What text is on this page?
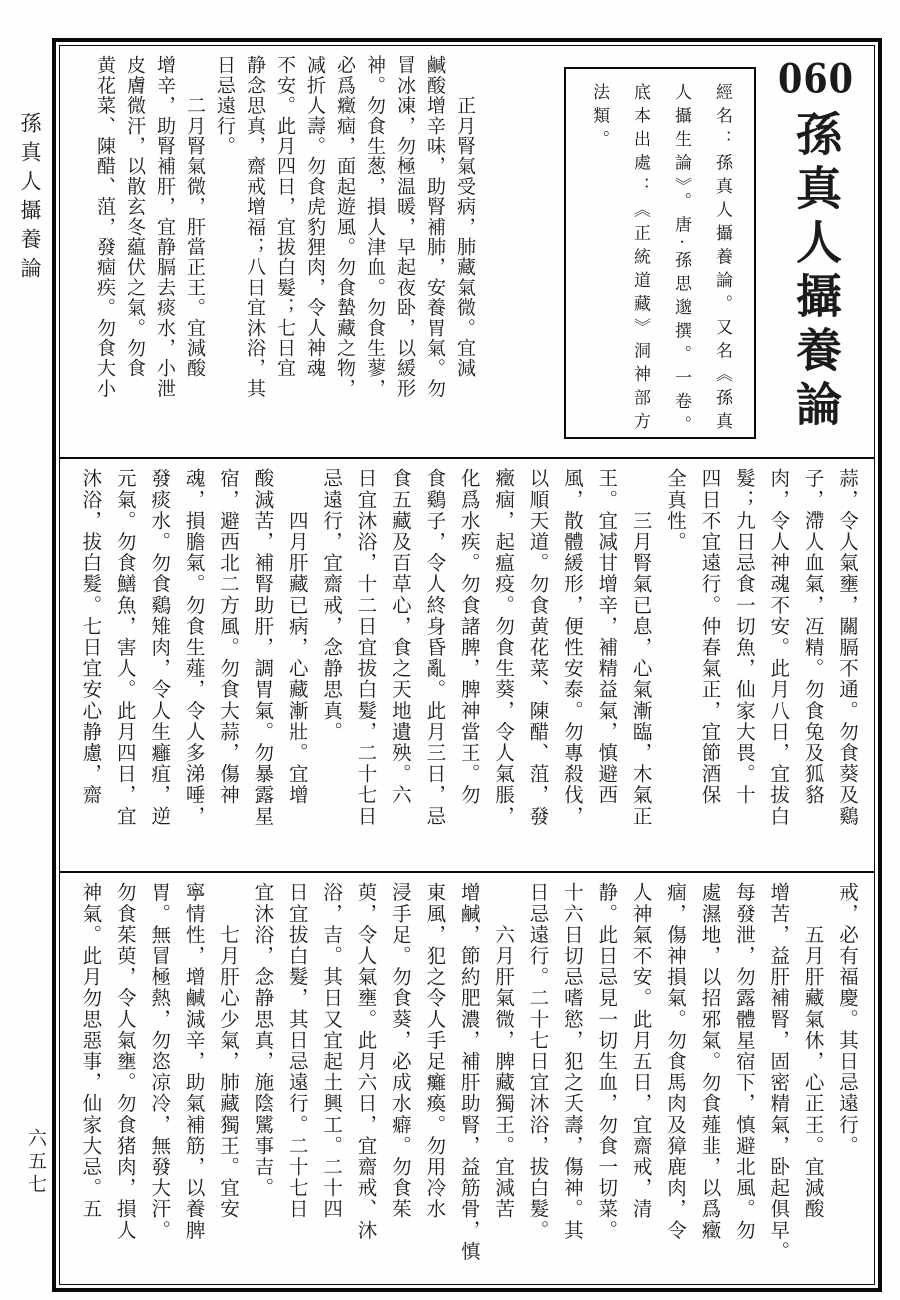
孫真人攝養論
六五七
060
孫真人攝養論
經名：孫真人攝養論。又名《孫真
人攝生論》。唐·孫思邈撰。一卷。
底本出處：《正統道藏》洞神部方
法類。
　　正月腎氣受病，肺藏氣微。宜減
鹹酸增辛味，助腎補肺，安養胃氣。勿
冒冰凍，勿極温暖，早起夜卧，以緩形
神。勿食生葱，損人津血。勿食生蓼，
必爲癥痼，面起遊風。勿食蟄藏之物，
减折人壽。勿食虎豹狸肉，令人神魂
不安。此月四日，宜拔白髮；七日宜
静念思真，齋戒增福；八日宜沐浴，其
日忌遠行。
　　二月腎氣微，肝當正王。宜減酸
增辛，助腎補肝，宜静膈去痰水，小泄
皮膚微汗，以散玄冬藴伏之氣。勿食
黄花菜、陳醋、菹，發痼疾。勿食大小
蒜，令人氣壅，關膈不通。勿食葵及鷄
子，滯人血氣，冱精。勿食兔及狐貉
肉，令人神魂不安。此月八日，宜拔白
髮；九日忌食一切魚，仙家大畏。十
四日不宜遠行。仲春氣正，宜節酒保
全真性。
　　三月腎氣已息，心氣漸臨，木氣正
王。宜减甘增辛，補精益氣，慎避西
風，散體緩形，便性安泰。勿專殺伐，
以順天道。勿食黄花菜、陳醋、菹，發
癥痼，起瘟疫。勿食生葵，令人氣脹，
化爲水疾。勿食諸脾，脾神當王。勿
食鷄子，令人終身昏亂。此月三日，忌
食五藏及百草心，食之天地遺殃。六
日宜沐浴，十二日宜拔白髮，二十七日
忌遠行，宜齋戒，念静思真。
　　四月肝藏已病，心藏漸壯。宜增
酸減苦，補腎助肝，調胃氣。勿暴露星
宿，避西北二方風。勿食大蒜，傷神
魂，損膽氣。勿食生薤，令人多涕唾，
發痰水。勿食鷄雉肉，令人生癰疽，逆
元氣。勿食鱔魚，害人。此月四日，宜
沐浴，拔白髮。七日宜安心静慮，齋
戒，必有福慶。其日忌遠行。
　　五月肝藏氣休，心正王。宜減酸
增苦，益肝補腎，固密精氣，卧起俱早。
每發泄，勿露體星宿下，慎避北風。勿
處濕地，以招邪氣。勿食薤韭，以爲癥
痼，傷神損氣。勿食馬肉及獐鹿肉，令
人神氣不安。此月五日，宜齋戒，清
静。此日忌見一切生血，勿食一切菜。
十六日切忌嗜慾，犯之夭壽，傷神。其
日忌遠行。二十七日宜沐浴，拔白髮。
　　六月肝氣微，脾藏獨王。宜減苦
增鹹，節約肥濃，補肝助腎，益筋骨，慎
東風，犯之令人手足癱瘓。勿用冷水
浸手足。勿食葵，必成水癖。勿食茱
萸，令人氣壅。此月六日，宜齋戒、沐
浴，吉。其日又宜起土興工。二十四
日宜拔白髮，其日忌遠行。二十七日
宜沐浴，念静思真，施陰騭事吉。
　　七月肝心少氣，肺藏獨王。宜安
寧情性，增鹹減辛，助氣補筋，以養脾
胃。無冒極熱，勿恣凉冷，無發大汗。
勿食茱萸，令人氣壅。勿食猪肉，損人
神氣。此月勿思惡事，仙家大忌。五
